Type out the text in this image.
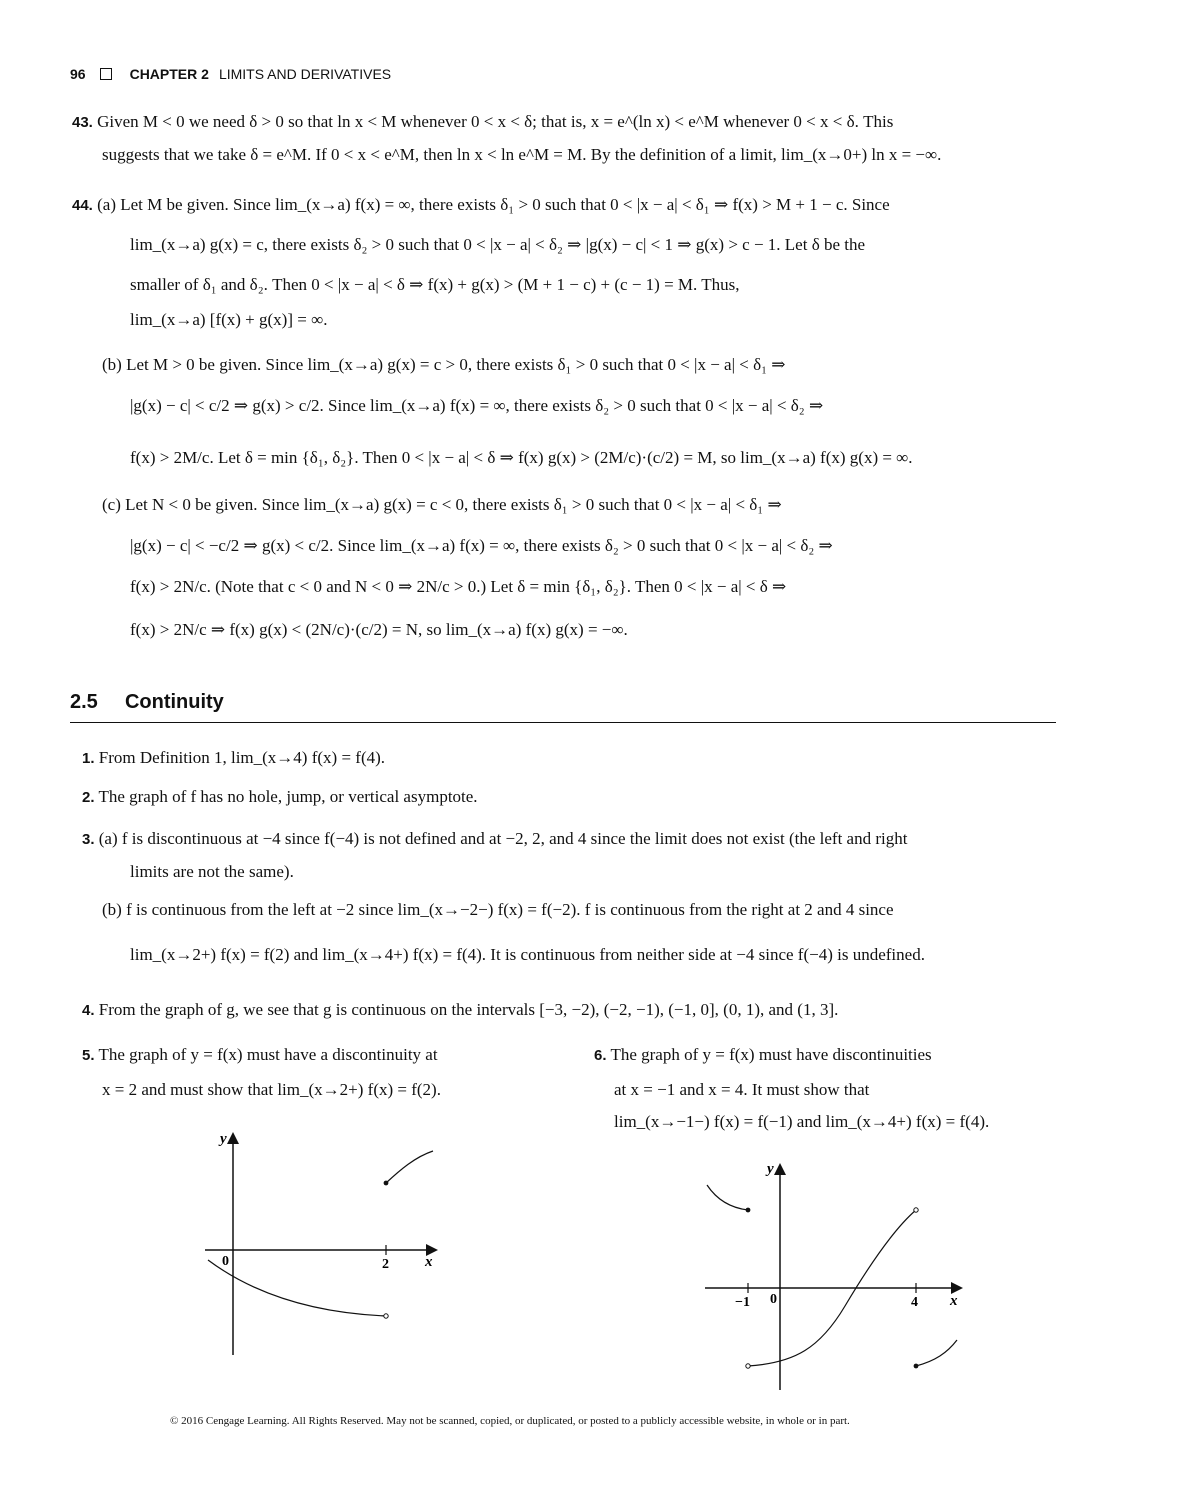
96	CHAPTER 2 LIMITS AND DERIVATIVES
43. Given M < 0 we need δ > 0 so that ln x < M whenever 0 < x < δ; that is, x = e^(ln x) < e^M whenever 0 < x < δ. This
suggests that we take δ = e^M. If 0 < x < e^M, then ln x < ln e^M = M. By the definition of a limit, lim_(x→0+) ln x = −∞.
44. (a) Let M be given. Since lim_(x→a) f(x) = ∞, there exists δ₁ > 0 such that 0 < |x − a| < δ₁ ⇒ f(x) > M + 1 − c. Since
lim_(x→a) g(x) = c, there exists δ₂ > 0 such that 0 < |x − a| < δ₂ ⇒ |g(x) − c| < 1 ⇒ g(x) > c − 1. Let δ be the
smaller of δ₁ and δ₂. Then 0 < |x − a| < δ ⇒ f(x) + g(x) > (M + 1 − c) + (c − 1) = M. Thus,
lim_(x→a) [f(x) + g(x)] = ∞.
(b) Let M > 0 be given. Since lim_(x→a) g(x) = c > 0, there exists δ₁ > 0 such that 0 < |x − a| < δ₁ ⇒
|g(x) − c| < c/2 ⇒ g(x) > c/2. Since lim_(x→a) f(x) = ∞, there exists δ₂ > 0 such that 0 < |x − a| < δ₂ ⇒
f(x) > 2M/c. Let δ = min {δ₁, δ₂}. Then 0 < |x − a| < δ ⇒ f(x) g(x) > (2M/c)·(c/2) = M, so lim_(x→a) f(x) g(x) = ∞.
(c) Let N < 0 be given. Since lim_(x→a) g(x) = c < 0, there exists δ₁ > 0 such that 0 < |x − a| < δ₁ ⇒
|g(x) − c| < −c/2 ⇒ g(x) < c/2. Since lim_(x→a) f(x) = ∞, there exists δ₂ > 0 such that 0 < |x − a| < δ₂ ⇒
f(x) > 2N/c. (Note that c < 0 and N < 0 ⇒ 2N/c > 0.) Let δ = min {δ₁, δ₂}. Then 0 < |x − a| < δ ⇒
f(x) > 2N/c ⇒ f(x) g(x) < (2N/c)·(c/2) = N, so lim_(x→a) f(x) g(x) = −∞.
2.5 Continuity
1. From Definition 1, lim_(x→4) f(x) = f(4).
2. The graph of f has no hole, jump, or vertical asymptote.
3. (a) f is discontinuous at −4 since f(−4) is not defined and at −2, 2, and 4 since the limit does not exist (the left and right
limits are not the same).
(b) f is continuous from the left at −2 since lim_(x→−2−) f(x) = f(−2). f is continuous from the right at 2 and 4 since
lim_(x→2+) f(x) = f(2) and lim_(x→4+) f(x) = f(4). It is continuous from neither side at −4 since f(−4) is undefined.
4. From the graph of g, we see that g is continuous on the intervals [−3, −2), (−2, −1), (−1, 0], (0, 1), and (1, 3].
5. The graph of y = f(x) must have a discontinuity at
x = 2 and must show that lim_(x→2+) f(x) = f(2).
6. The graph of y = f(x) must have discontinuities
at x = −1 and x = 4. It must show that
lim_(x→−1−) f(x) = f(−1) and lim_(x→4+) f(x) = f(4).
y
x
0	2
y
x
0
−1	4
© 2016 Cengage Learning. All Rights Reserved. May not be scanned, copied, or duplicated, or posted to a publicly accessible website, in whole or in part.
